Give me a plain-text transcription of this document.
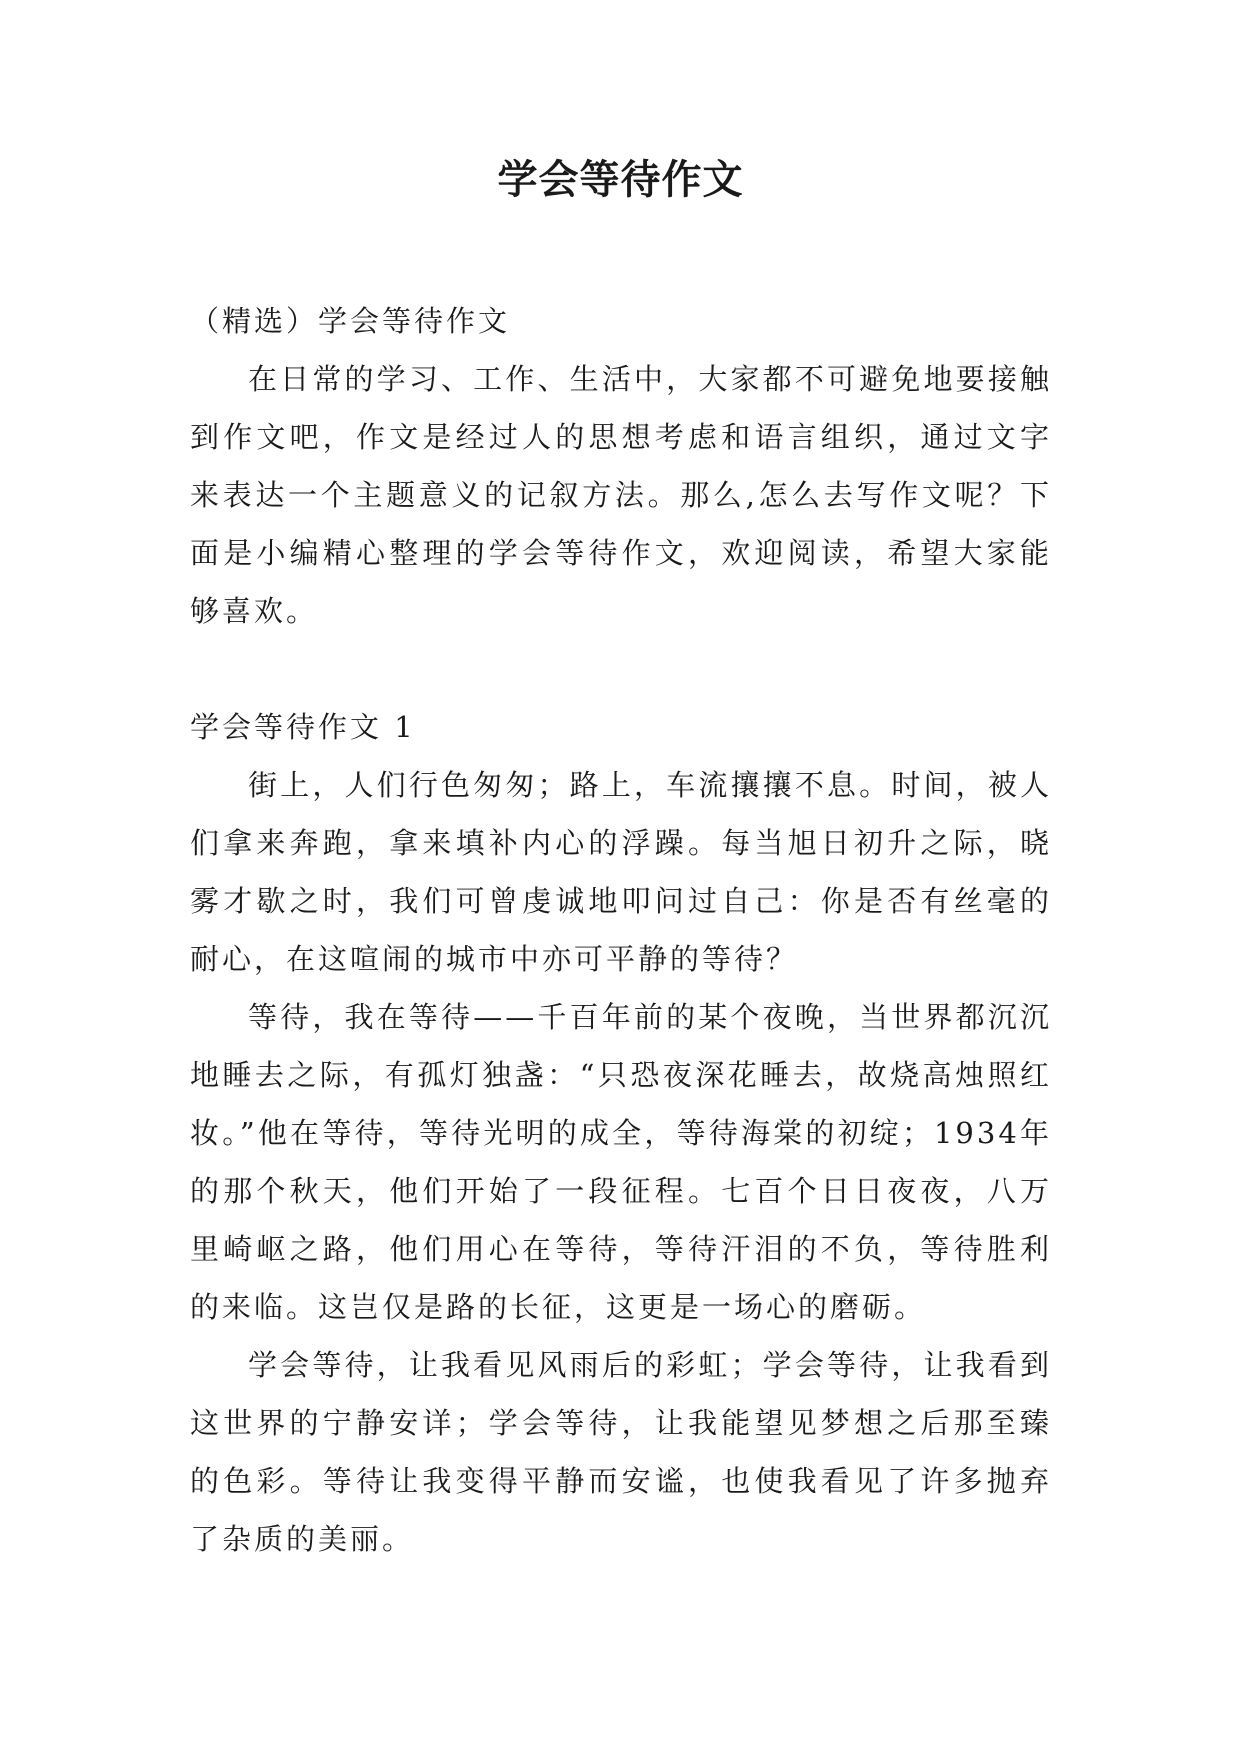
学会等待作文

（精选）学会等待作文

在日常的学习、工作、生活中，大家都不可避免地要接触到作文吧，作文是经过人的思想考虑和语言组织，通过文字来表达一个主题意义的记叙方法。那么,怎么去写作文呢？下面是小编精心整理的学会等待作文，欢迎阅读，希望大家能够喜欢。

学会等待作文 1

街上，人们行色匆匆；路上，车流攘攘不息。时间，被人们拿来奔跑，拿来填补内心的浮躁。每当旭日初升之际，晓雾才歇之时，我们可曾虔诚地叩问过自己：你是否有丝毫的耐心，在这喧闹的城市中亦可平静的等待？

等待，我在等待——千百年前的某个夜晚，当世界都沉沉地睡去之际，有孤灯独盏：“只恐夜深花睡去，故烧高烛照红妆。”他在等待，等待光明的成全，等待海棠的初绽；1934年的那个秋天，他们开始了一段征程。七百个日日夜夜，八万里崎岖之路，他们用心在等待，等待汗泪的不负，等待胜利的来临。这岂仅是路的长征，这更是一场心的磨砺。

学会等待，让我看见风雨后的彩虹；学会等待，让我看到这世界的宁静安详；学会等待，让我能望见梦想之后那至臻的色彩。等待让我变得平静而安谧，也使我看见了许多抛弃了杂质的美丽。
